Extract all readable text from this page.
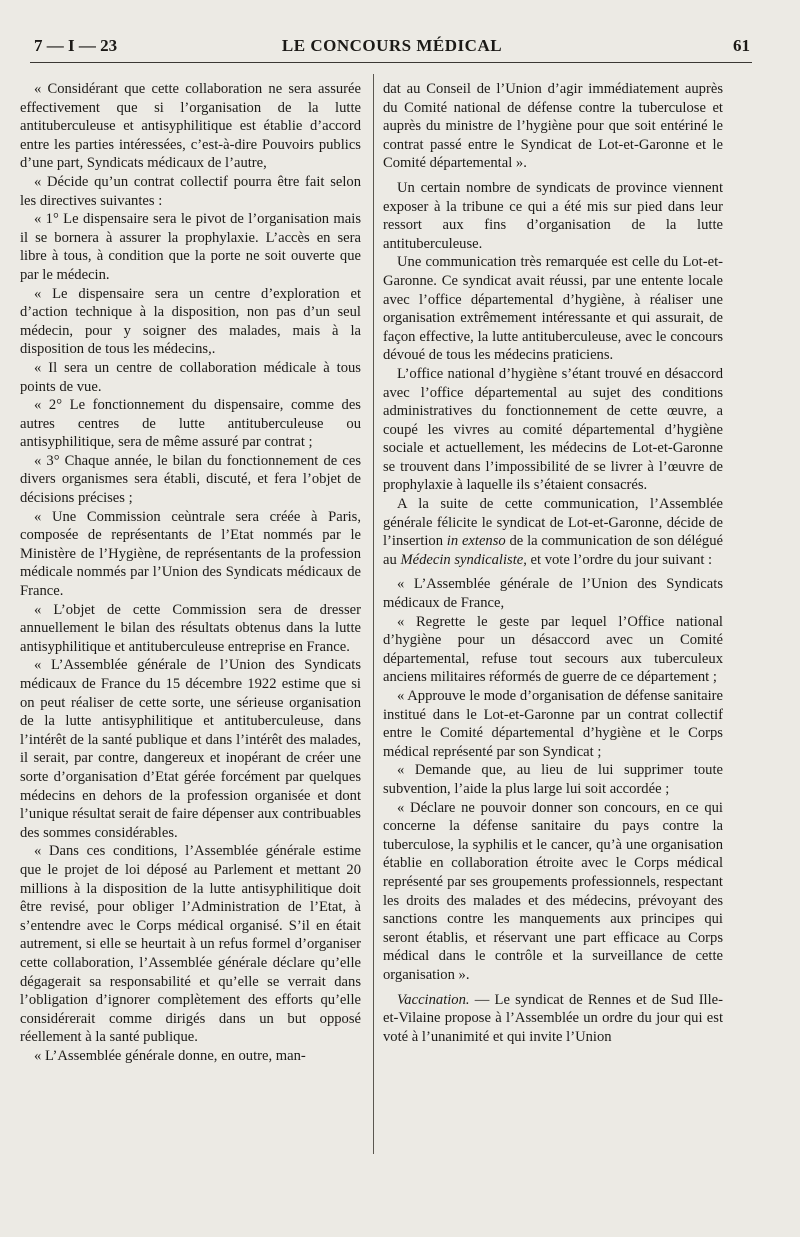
7 — I — 23	LE CONCOURS MÉDICAL	61

« Considérant que cette collaboration ne sera assurée effectivement que si l’organisation de la lutte antituberculeuse et antisyphilitique est établie d’accord entre les parties intéressées, c’est-à-dire Pouvoirs publics d’une part, Syndicats médicaux de l’autre,

« Décide qu’un contrat collectif pourra être fait selon les directives suivantes :

« 1° Le dispensaire sera le pivot de l’organisation mais il se bornera à assurer la prophylaxie. L’accès en sera libre à tous, à condition que la porte ne soit ouverte que par le médecin.

« Le dispensaire sera un centre d’exploration et d’action technique à la disposition, non pas d’un seul médecin, pour y soigner des malades, mais à la disposition de tous les médecins,.

« Il sera un centre de collaboration médicale à tous points de vue.

« 2° Le fonctionnement du dispensaire, comme des autres centres de lutte antituberculeuse ou antisyphilitique, sera de même assuré par contrat ;

« 3° Chaque année, le bilan du fonctionnement de ces divers organismes sera établi, discuté, et fera l’objet de décisions précises ;

« Une Commission ceùntrale sera créée à Paris, composée de représentants de l’Etat nommés par le Ministère de l’Hygiène, de représentants de la profession médicale nommés par l’Union des Syndicats médicaux de France.

« L’objet de cette Commission sera de dresser annuellement le bilan des résultats obtenus dans la lutte antisyphilitique et antituberculeuse entreprise en France.

« L’Assemblée générale de l’Union des Syndicats médicaux de France du 15 décembre 1922 estime que si on peut réaliser de cette sorte, une sérieuse organisation de la lutte antisyphilitique et antituberculeuse, dans l’intérêt de la santé publique et dans l’intérêt des malades, il serait, par contre, dangereux et inopérant de créer une sorte d’organisation d’Etat gérée forcément par quelques médecins en dehors de la profession organisée et dont l’unique résultat serait de faire dépenser aux contribuables des sommes considérables.

« Dans ces conditions, l’Assemblée générale estime que le projet de loi déposé au Parlement et mettant 20 millions à la disposition de la lutte antisyphilitique doit être revisé, pour obliger l’Administration de l’Etat, à s’entendre avec le Corps médical organisé. S’il en était autrement, si elle se heurtait à un refus formel d’organiser cette collaboration, l’Assemblée générale déclare qu’elle dégagerait sa responsabilité et qu’elle se verrait dans l’obligation d’ignorer complètement des efforts qu’elle considérerait comme dirigés dans un but opposé réellement à la santé publique.

« L’Assemblée générale donne, en outre, man-

dat au Conseil de l’Union d’agir immédiatement auprès du Comité national de défense contre la tuberculose et auprès du ministre de l’hygiène pour que soit entériné le contrat passé entre le Syndicat de Lot-et-Garonne et le Comité départemental ».

Un certain nombre de syndicats de province viennent exposer à la tribune ce qui a été mis sur pied dans leur ressort aux fins d’organisation de la lutte antituberculeuse.

Une communication très remarquée est celle du Lot-et-Garonne. Ce syndicat avait réussi, par une entente locale avec l’office départemental d’hygiène, à réaliser une organisation extrêmement intéressante et qui assurait, de façon effective, la lutte antituberculeuse, avec le concours dévoué de tous les médecins praticiens.

L’office national d’hygiène s’étant trouvé en désaccord avec l’office départemental au sujet des conditions administratives du fonctionnement de cette œuvre, a coupé les vivres au comité départemental d’hygiène sociale et actuellement, les médecins de Lot-et-Garonne se trouvent dans l’impossibilité de se livrer à l’œuvre de prophylaxie à laquelle ils s’étaient consacrés.

A la suite de cette communication, l’Assemblée générale félicite le syndicat de Lot-et-Garonne, décide de l’insertion in extenso de la communication de son délégué au Médecin syndicaliste, et vote l’ordre du jour suivant :

« L’Assemblée générale de l’Union des Syndicats médicaux de France,

« Regrette le geste par lequel l’Office national d’hygiène pour un désaccord avec un Comité départemental, refuse tout secours aux tuberculeux anciens militaires réformés de guerre de ce département ;

« Approuve le mode d’organisation de défense sanitaire institué dans le Lot-et-Garonne par un contrat collectif entre le Comité départemental d’hygiène et le Corps médical représenté par son Syndicat ;

« Demande que, au lieu de lui supprimer toute subvention, l’aide la plus large lui soit accordée ;

« Déclare ne pouvoir donner son concours, en ce qui concerne la défense sanitaire du pays contre la tuberculose, la syphilis et le cancer, qu’à une organisation établie en collaboration étroite avec le Corps médical représenté par ses groupements professionnels, respectant les droits des malades et des médecins, prévoyant des sanctions contre les manquements aux principes qui seront établis, et réservant une part efficace au Corps médical dans le contrôle et la surveillance de cette organisation ».

Vaccination. — Le syndicat de Rennes et de Sud Ille-et-Vilaine propose à l’Assemblée un ordre du jour qui est voté à l’unanimité et qui invite l’Union
